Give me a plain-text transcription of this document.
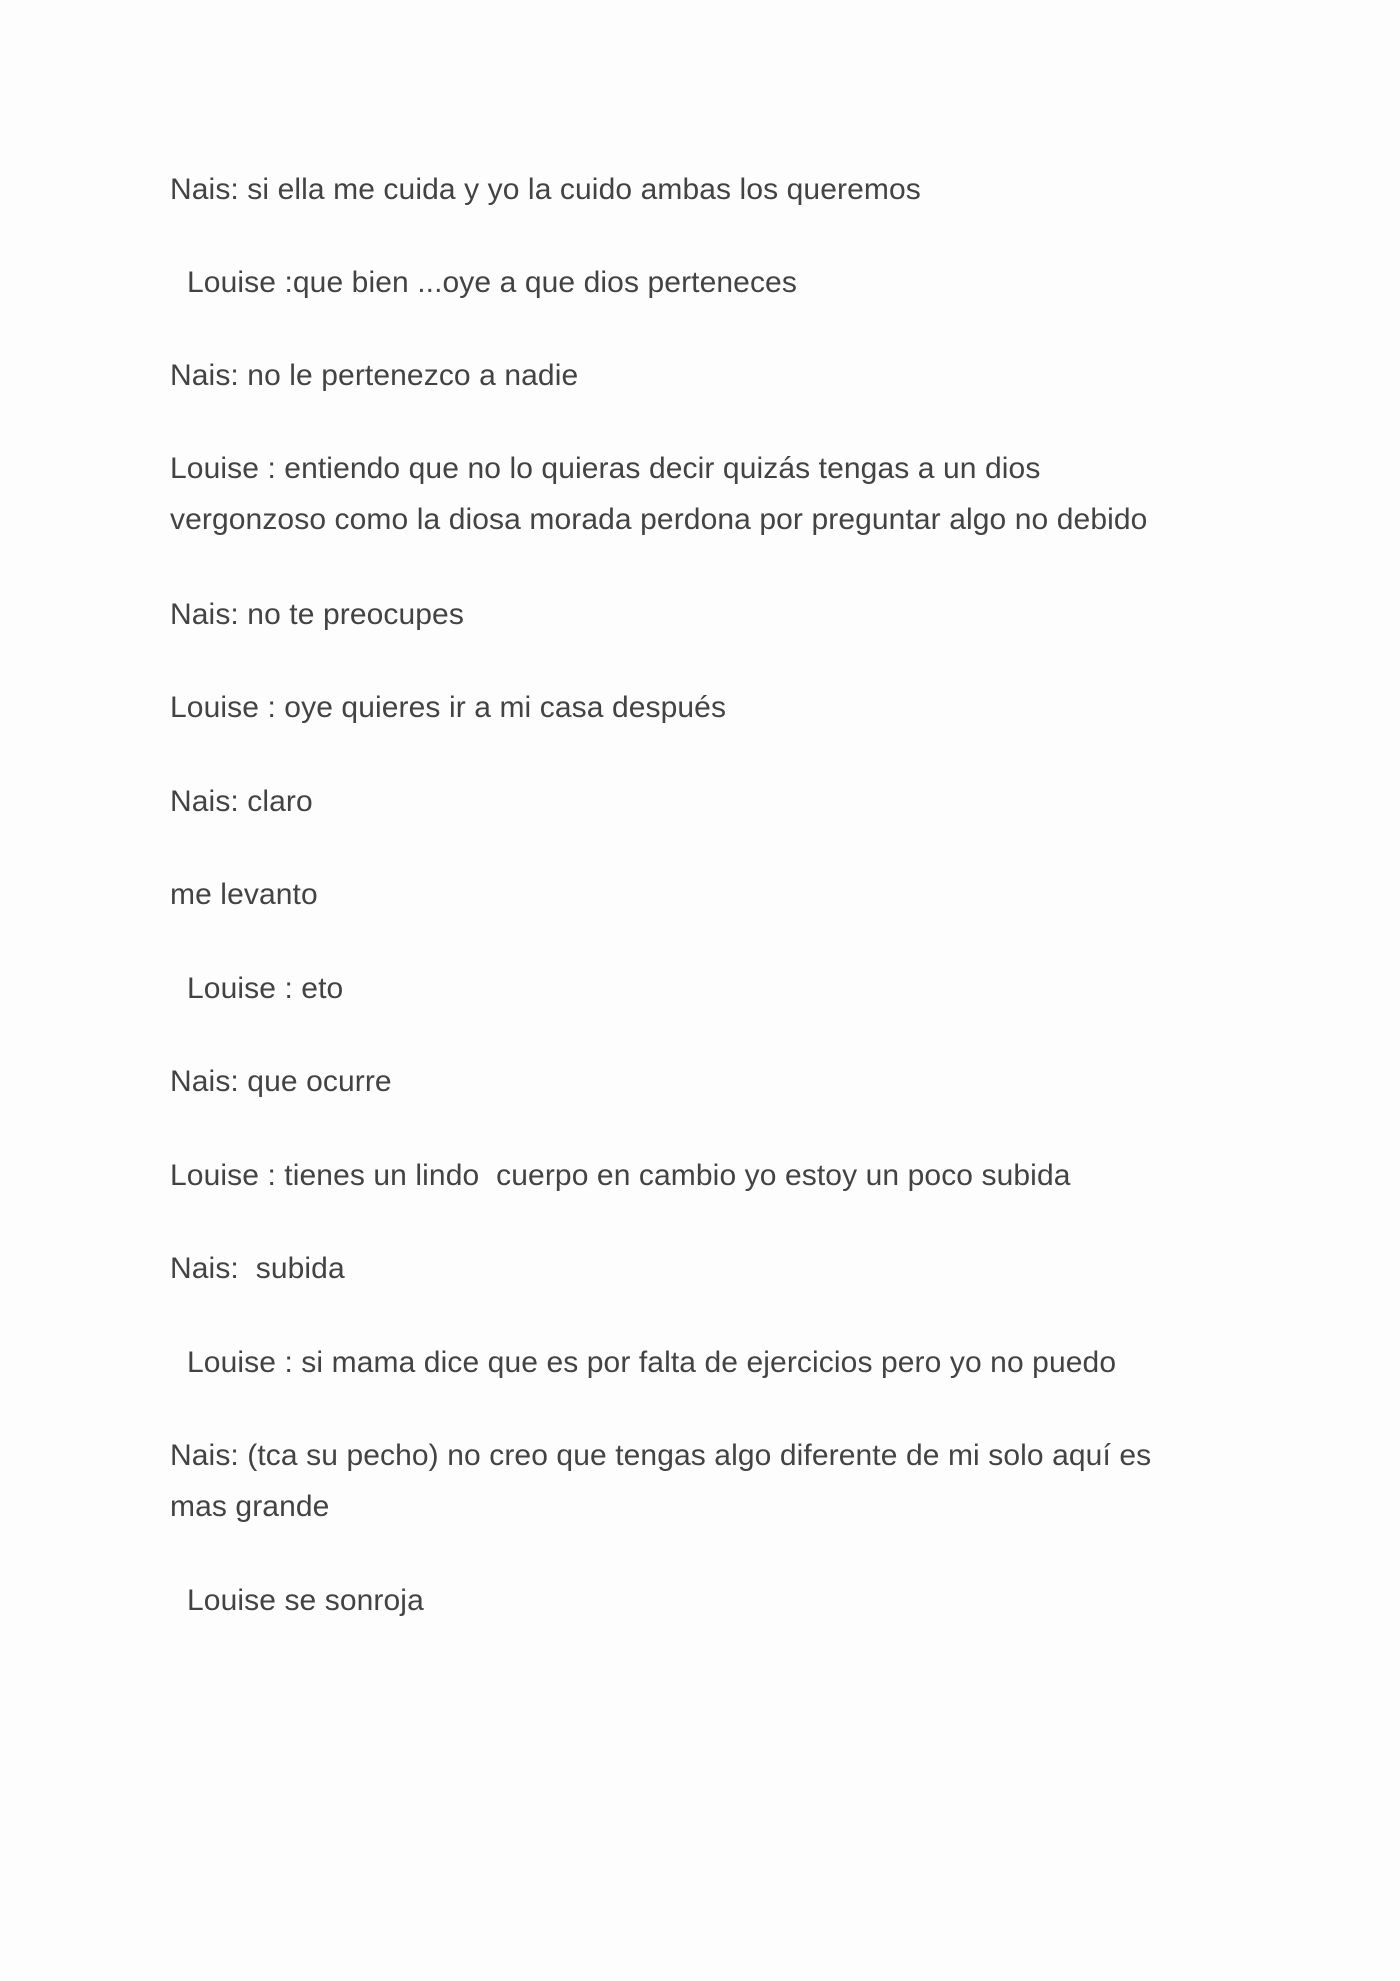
Nais: si ella me cuida y yo la cuido ambas los queremos
Louise :que bien ...oye a que dios perteneces
Nais: no le pertenezco a nadie
Louise : entiendo que no lo quieras decir quizás tengas a un dios
vergonzoso como la diosa morada perdona por preguntar algo no debido
Nais: no te preocupes
Louise : oye quieres ir a mi casa después
Nais: claro
me levanto
Louise : eto
Nais: que ocurre
Louise : tienes un lindo  cuerpo en cambio yo estoy un poco subida
Nais:  subida
Louise : si mama dice que es por falta de ejercicios pero yo no puedo
Nais: (tca su pecho) no creo que tengas algo diferente de mi solo aquí es
mas grande
Louise se sonroja
